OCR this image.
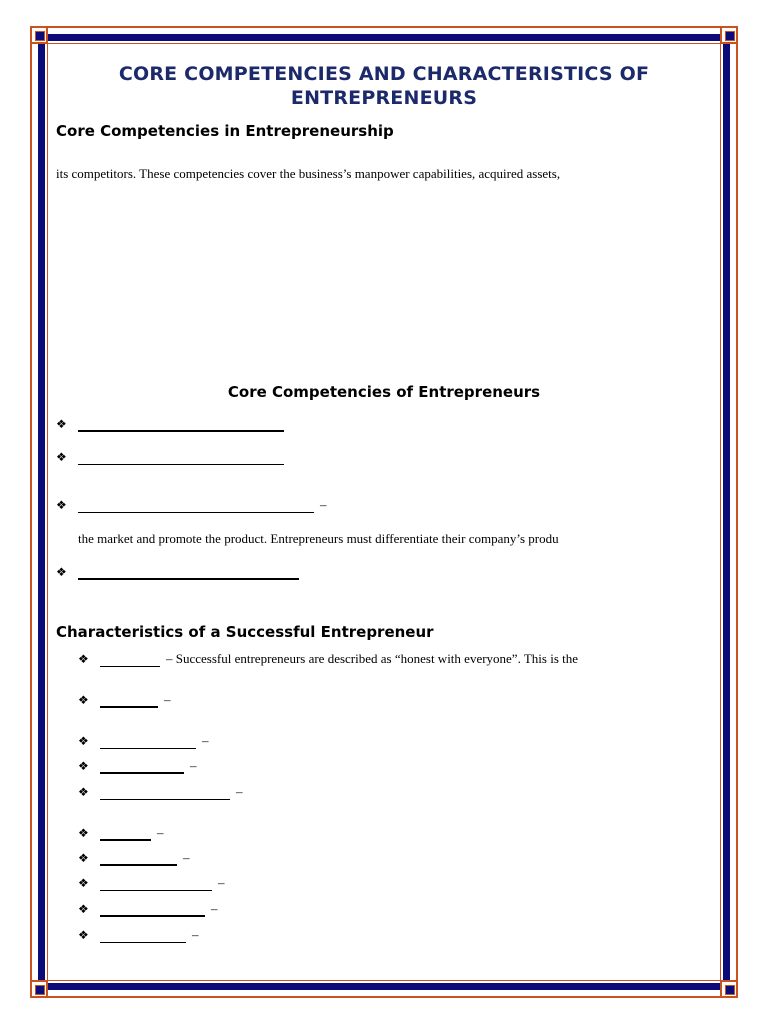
CORE COMPETENCIES AND CHARACTERISTICS OF ENTREPRENEURS
Core Competencies in Entrepreneurship

its competitors. These competencies cover the business’s manpower capabilities, acquired assets,

Core Competencies of Entrepreneurs
❖
❖
❖	–

the market and promote the product. Entrepreneurs must differentiate their company’s produ

❖
Characteristics of a Successful Entrepreneur
❖	– Successful entrepreneurs are described as “honest with everyone”. This is the
❖	–
❖	–
❖	–
❖	–
❖	–
❖	–
❖	–
❖	–
❖	–
